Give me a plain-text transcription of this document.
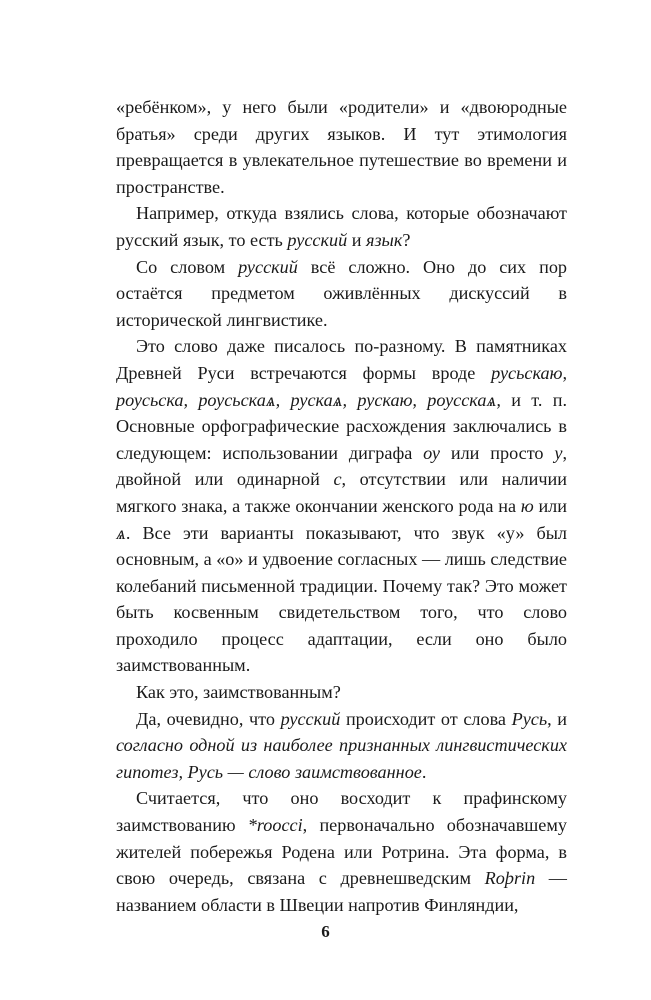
«ребёнком», у него были «родители» и «двоюродные братья» среди других языков. И тут этимология превращается в увлекательное путешествие во времени и пространстве.

Например, откуда взялись слова, которые обозначают русский язык, то есть русский и язык?

Со словом русский всё сложно. Оно до сих пор остаётся предметом оживлённых дискуссий в исторической лингвистике.

Это слово даже писалось по-разному. В памятниках Древней Руси встречаются формы вроде русьскаю, роусьска, роусьскаѧ, рускаѧ, рускаю, роусскаѧ, и т. п. Основные орфографические расхождения заключались в следующем: использовании диграфа оу или просто у, двойной или одинарной с, отсутствии или наличии мягкого знака, а также окончании женского рода на ю или ѧ. Все эти варианты показывают, что звук «у» был основным, а «о» и удвоение согласных — лишь следствие колебаний письменной традиции. Почему так? Это может быть косвенным свидетельством того, что слово проходило процесс адаптации, если оно было заимствованным.

Как это, заимствованным?

Да, очевидно, что русский происходит от слова Русь, и согласно одной из наиболее признанных лингвистических гипотез, Русь — слово заимствованное.

Считается, что оно восходит к прафинскому заимствованию *roocci, первоначально обозначавшему жителей побережья Родена или Ротрина. Эта форма, в свою очередь, связана с древнешведским Roþrin — названием области в Швеции напротив Финляндии,

6
